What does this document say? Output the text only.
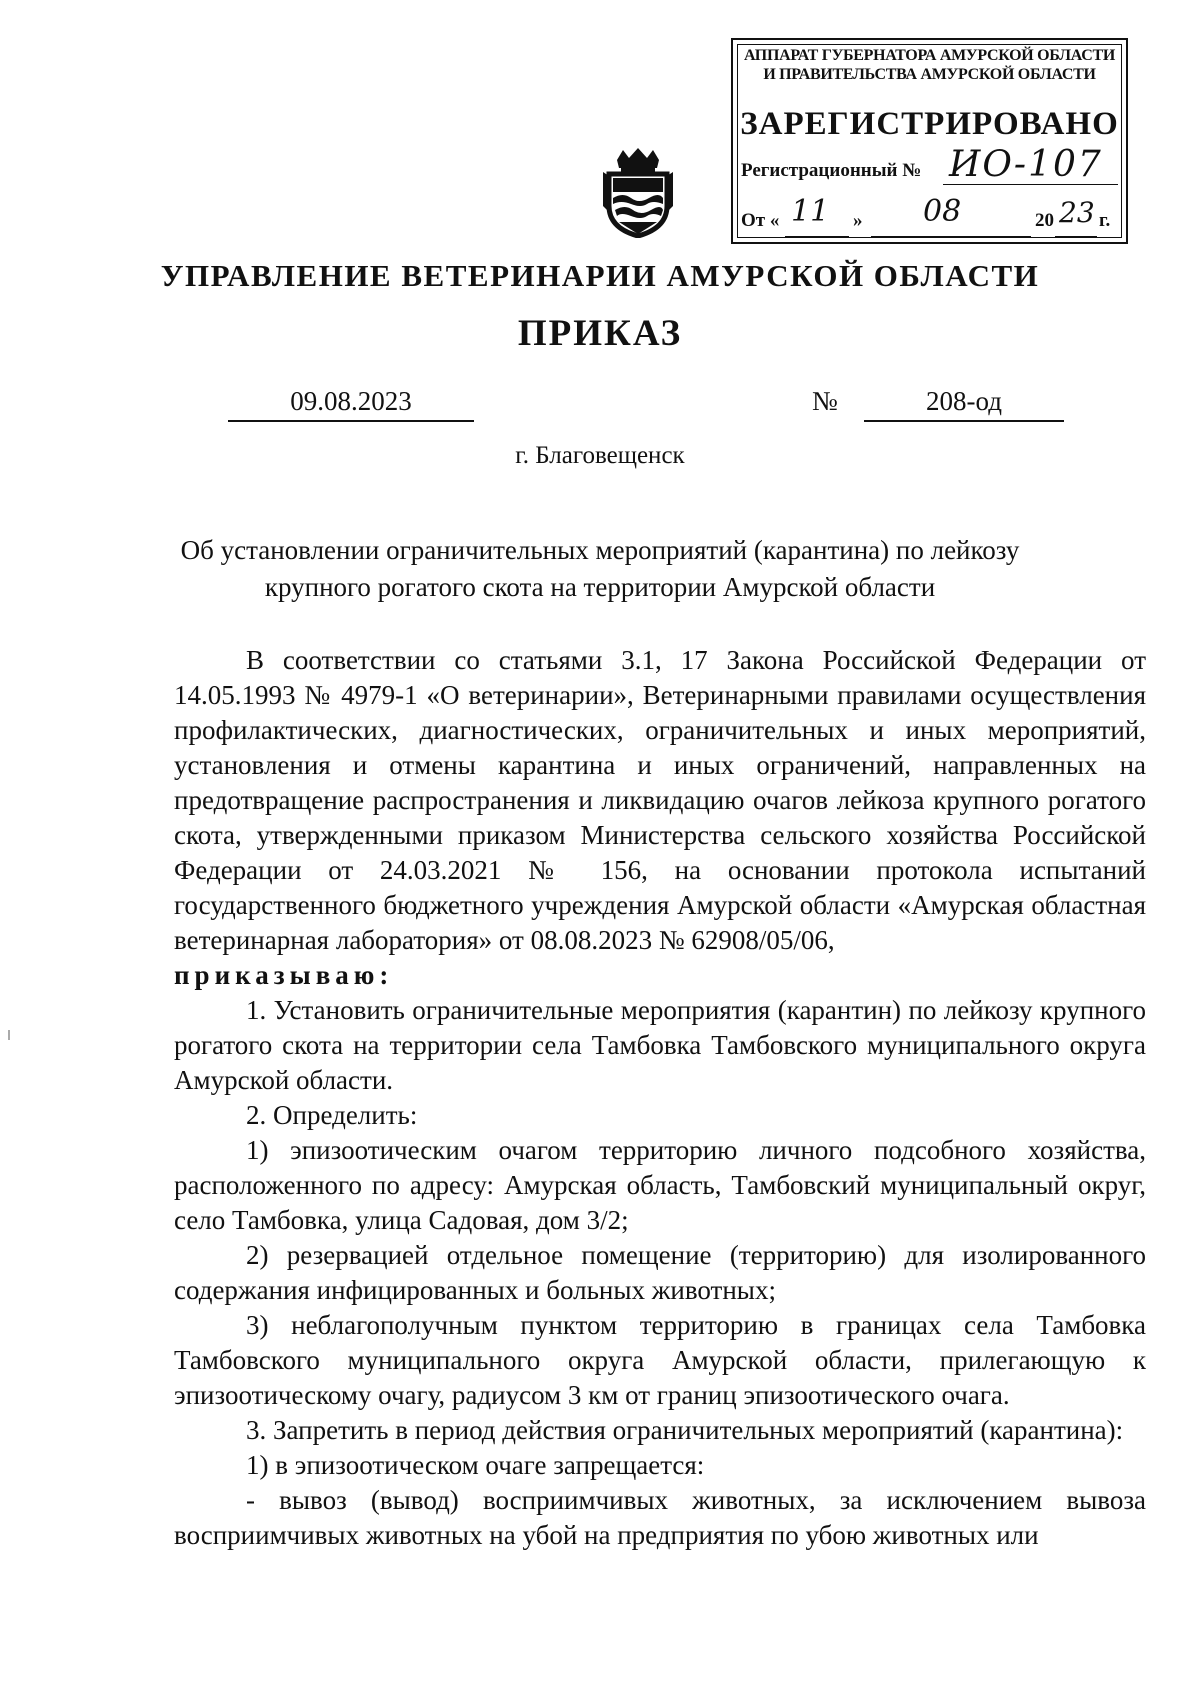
АППАРАТ ГУБЕРНАТОРА АМУРСКОЙ ОБЛАСТИ
И ПРАВИТЕЛЬСТВА АМУРСКОЙ ОБЛАСТИ
ЗАРЕГИСТРИРОВАНО
Регистрационный № ИО-107
От « 11 » 08	20 23 г.
УПРАВЛЕНИЕ ВЕТЕРИНАРИИ АМУРСКОЙ ОБЛАСТИ
ПРИКАЗ
09.08.2023	№	208-од
г. Благовещенск
Об установлении ограничительных мероприятий (карантина) по лейкозу
крупного рогатого скота на территории Амурской области

В соответствии со статьями 3.1, 17 Закона Российской Федерации от 14.05.1993 № 4979-1 «О ветеринарии», Ветеринарными правилами осуществления профилактических, диагностических, ограничительных и иных мероприятий, установления и отмены карантина и иных ограничений, направленных на предотвращение распространения и ликвидацию очагов лейкоза крупного рогатого скота, утвержденными приказом Министерства сельского хозяйства Российской Федерации от 24.03.2021 № 156, на основании протокола испытаний государственного бюджетного учреждения Амурской области «Амурская областная ветеринарная лаборатория» от 08.08.2023 № 62908/05/06,

приказываю:

1. Установить ограничительные мероприятия (карантин) по лейкозу крупного рогатого скота на территории села Тамбовка Тамбовского муниципального округа Амурской области.

2. Определить:

1) эпизоотическим очагом территорию личного подсобного хозяйства, расположенного по адресу: Амурская область, Тамбовский муниципальный округ, село Тамбовка, улица Садовая, дом 3/2;

2) резервацией отдельное помещение (территорию) для изолированного содержания инфицированных и больных животных;

3) неблагополучным пунктом территорию в границах села Тамбовка Тамбовского муниципального округа Амурской области, прилегающую к эпизоотическому очагу, радиусом 3 км от границ эпизоотического очага.

3. Запретить в период действия ограничительных мероприятий (карантина):

1) в эпизоотическом очаге запрещается:

- вывоз (вывод) восприимчивых животных, за исключением вывоза восприимчивых животных на убой на предприятия по убою животных или
